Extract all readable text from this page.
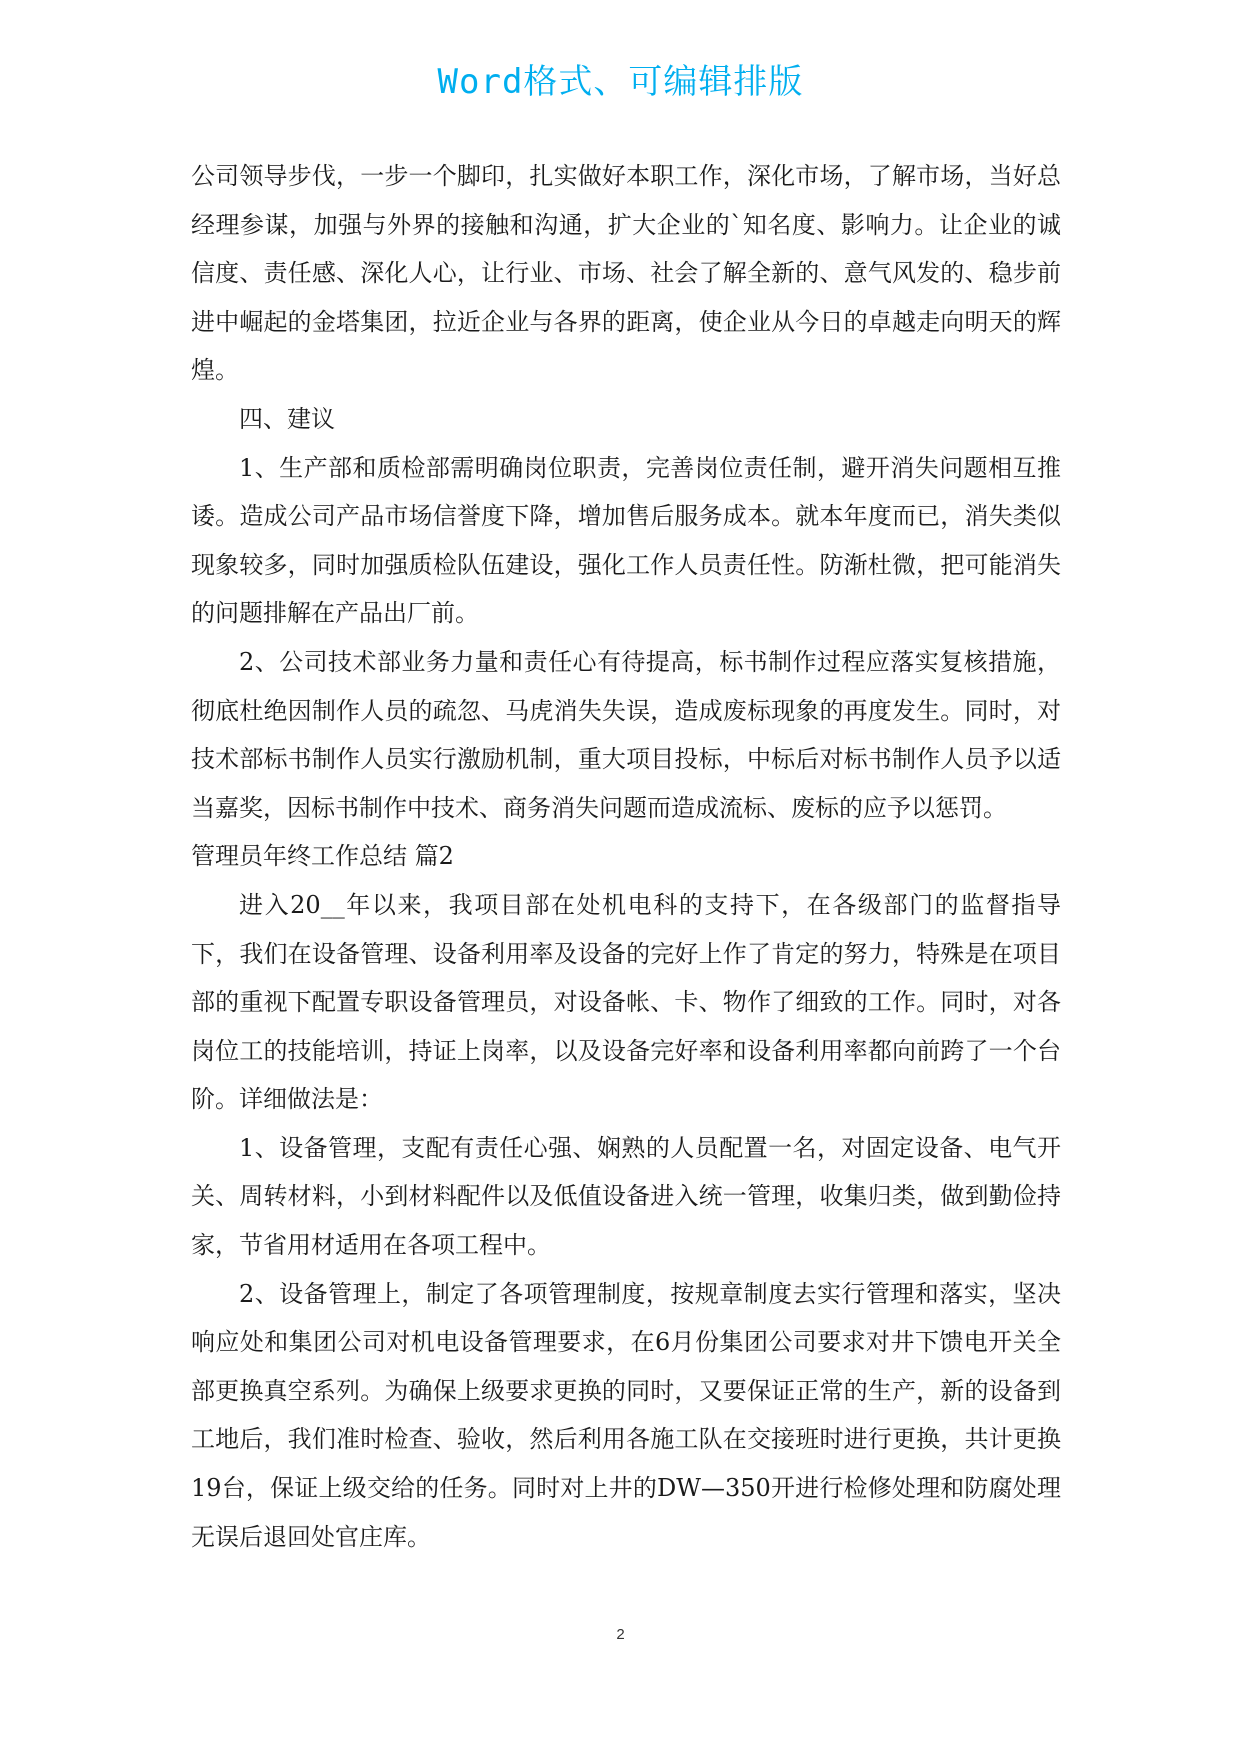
Word格式、可编辑排版

公司领导步伐，一步一个脚印，扎实做好本职工作，深化市场，了解市场，当好总经理参谋，加强与外界的接触和沟通，扩大企业的`知名度、影响力。让企业的诚信度、责任感、深化人心，让行业、市场、社会了解全新的、意气风发的、稳步前进中崛起的金塔集团，拉近企业与各界的距离，使企业从今日的卓越走向明天的辉煌。

四、建议

1、生产部和质检部需明确岗位职责，完善岗位责任制，避开消失问题相互推诿。造成公司产品市场信誉度下降，增加售后服务成本。就本年度而已，消失类似现象较多，同时加强质检队伍建设，强化工作人员责任性。防渐杜微，把可能消失的问题排解在产品出厂前。

2、公司技术部业务力量和责任心有待提高，标书制作过程应落实复核措施，彻底杜绝因制作人员的疏忽、马虎消失失误，造成废标现象的再度发生。同时，对技术部标书制作人员实行激励机制，重大项目投标，中标后对标书制作人员予以适当嘉奖，因标书制作中技术、商务消失问题而造成流标、废标的应予以惩罚。

管理员年终工作总结 篇2

进入20__年以来，我项目部在处机电科的支持下，在各级部门的监督指导下，我们在设备管理、设备利用率及设备的完好上作了肯定的努力，特殊是在项目部的重视下配置专职设备管理员，对设备帐、卡、物作了细致的工作。同时，对各岗位工的技能培训，持证上岗率，以及设备完好率和设备利用率都向前跨了一个台阶。详细做法是：

1、设备管理，支配有责任心强、娴熟的人员配置一名，对固定设备、电气开关、周转材料，小到材料配件以及低值设备进入统一管理，收集归类，做到勤俭持家，节省用材适用在各项工程中。

2、设备管理上，制定了各项管理制度，按规章制度去实行管理和落实，坚决响应处和集团公司对机电设备管理要求，在6月份集团公司要求对井下馈电开关全部更换真空系列。为确保上级要求更换的同时，又要保证正常的生产，新的设备到工地后，我们准时检查、验收，然后利用各施工队在交接班时进行更换，共计更换19台，保证上级交给的任务。同时对上井的DW—350开进行检修处理和防腐处理无误后退回处官庄库。

2
